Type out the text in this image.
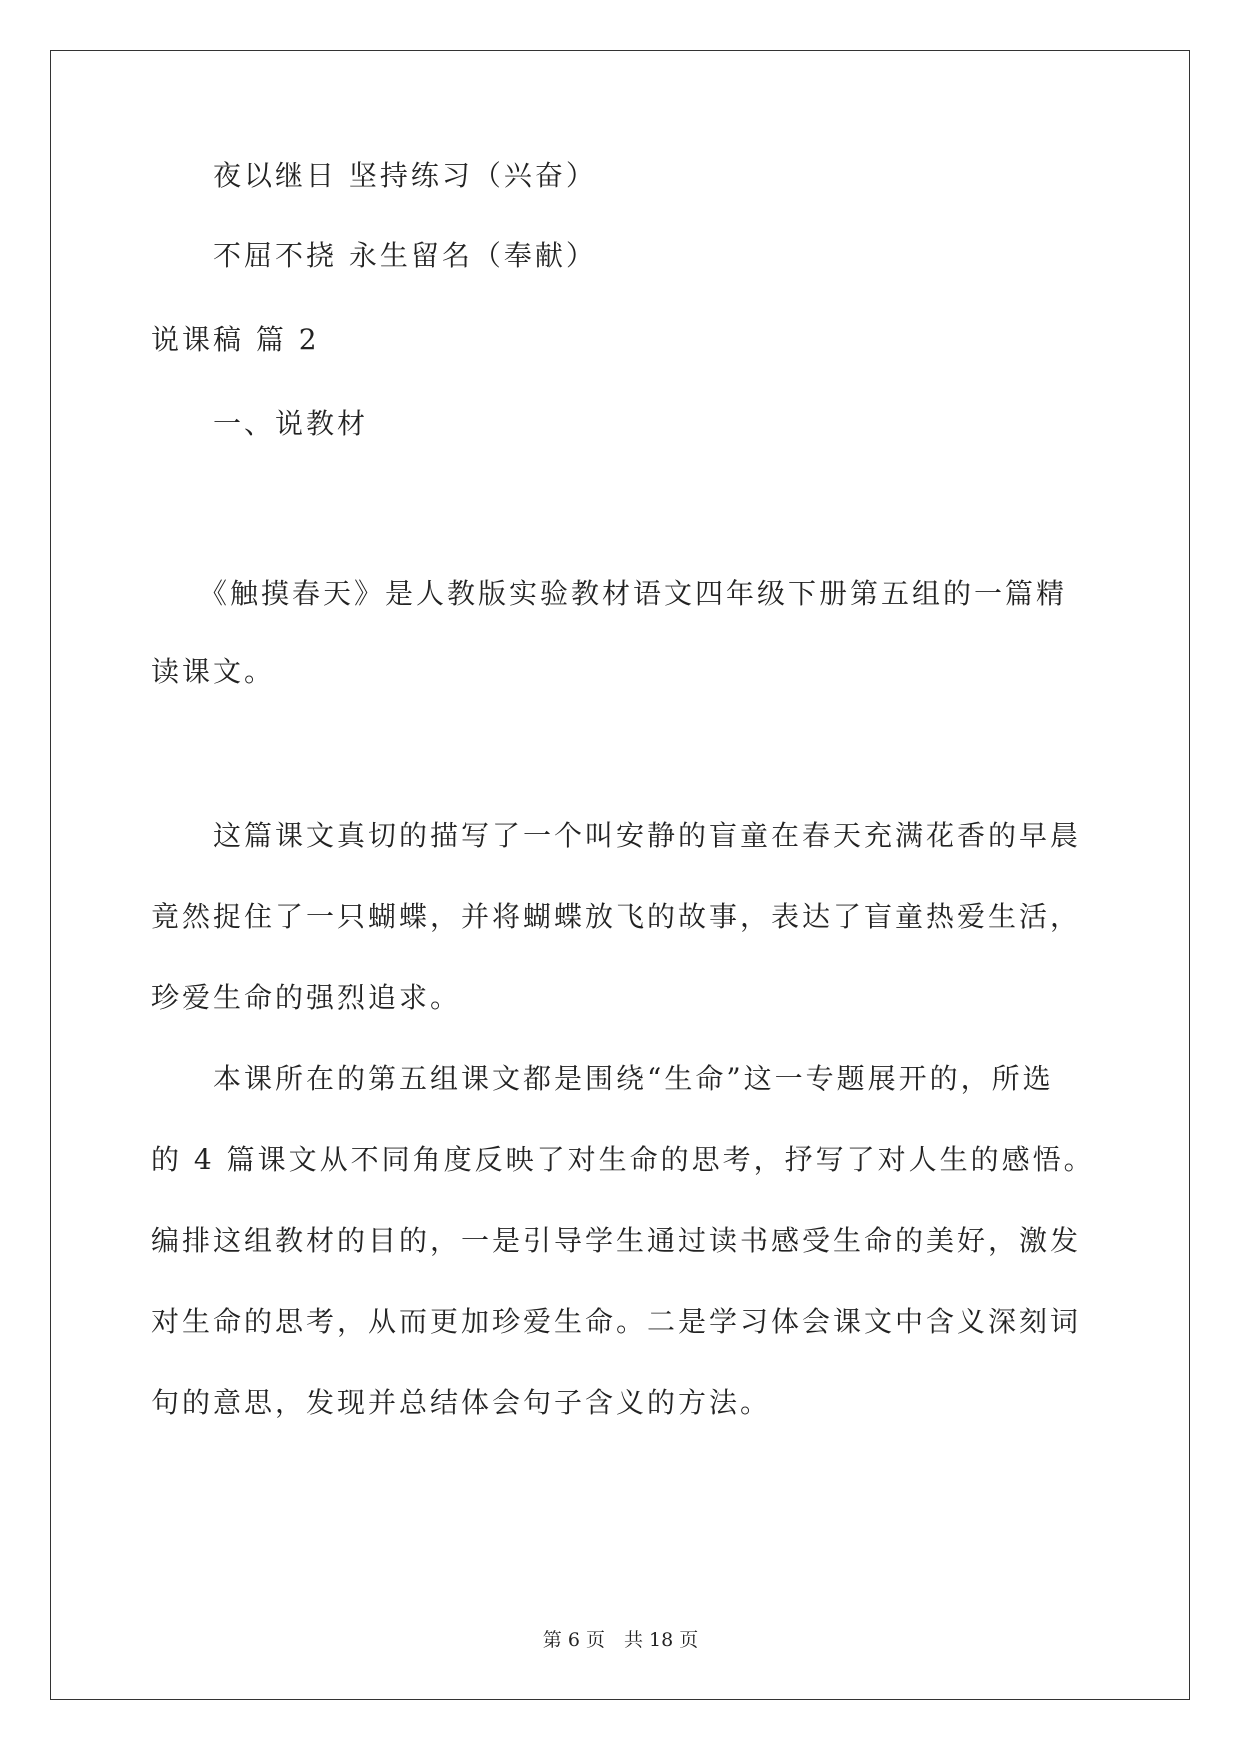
　　夜以继日 坚持练习（兴奋）
　　不屈不挠 永生留名（奉献）
说课稿 篇 2
　　一、说教材
　　《触摸春天》是人教版实验教材语文四年级下册第五组的一篇精
读课文。
　　这篇课文真切的描写了一个叫安静的盲童在春天充满花香的早晨
竟然捉住了一只蝴蝶，并将蝴蝶放飞的故事，表达了盲童热爱生活，
珍爱生命的强烈追求。
　　本课所在的第五组课文都是围绕“生命”这一专题展开的，所选
的 4 篇课文从不同角度反映了对生命的思考，抒写了对人生的感悟。
编排这组教材的目的，一是引导学生通过读书感受生命的美好，激发
对生命的思考，从而更加珍爱生命。二是学习体会课文中含义深刻词
句的意思，发现并总结体会句子含义的方法。
第 6 页　共 18 页
